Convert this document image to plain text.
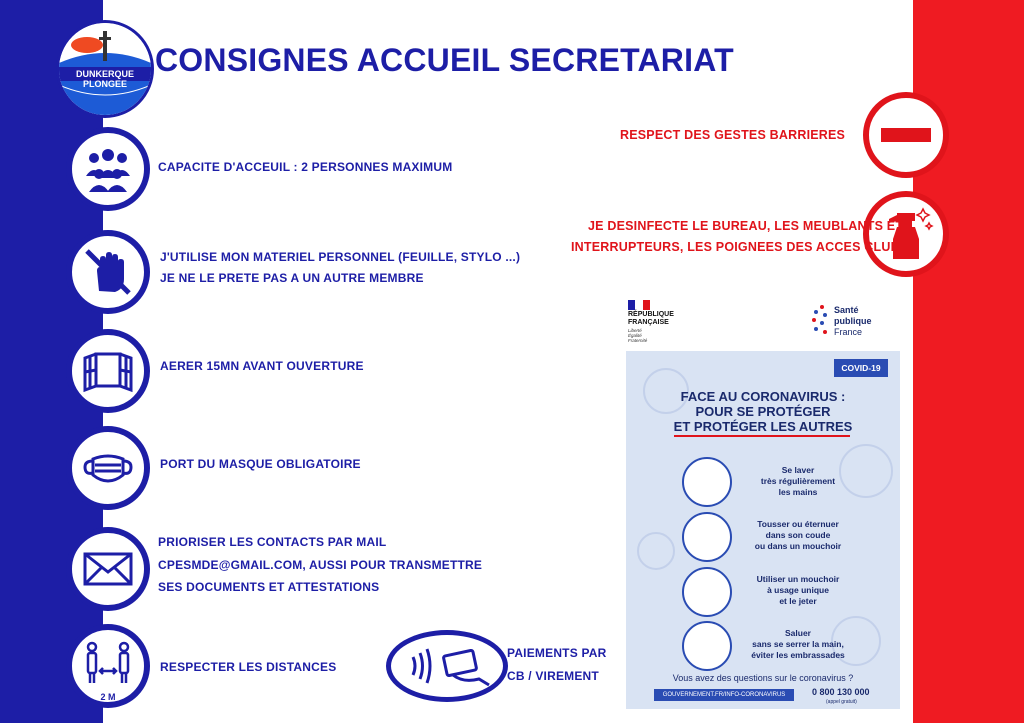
DUNKERQUE PLONGEE
CONSIGNES ACCUEIL SECRETARIAT
CAPACITE D'ACCEUIL : 2 PERSONNES MAXIMUM
J'UTILISE MON MATERIEL PERSONNEL (FEUILLE, STYLO ...)
JE NE LE PRETE PAS A UN AUTRE MEMBRE
AERER 15MN AVANT OUVERTURE
PORT DU MASQUE OBLIGATOIRE
PRIORISER LES CONTACTS PAR MAIL
CPESMDE@GMAIL.COM, AUSSI POUR TRANSMETTRE
SES DOCUMENTS ET ATTESTATIONS
2 M
RESPECTER LES DISTANCES
PAIEMENTS PAR
CB / VIREMENT
RESPECT DES GESTES BARRIERES
JE DESINFECTE LE BUREAU, LES MEUBLANTS ET
INTERRUPTEURS, LES POIGNEES DES ACCES CLUB
RÉPUBLIQUE
FRANÇAISE
Liberté
Égalité
Fraternité
Santé
publique
France
COVID-19
FACE AU CORONAVIRUS :
POUR SE PROTÉGER
ET PROTÉGER LES AUTRES
Se laver
très régulièrement
les mains
Tousser ou éternuer
dans son coude
ou dans un mouchoir
Utiliser un mouchoir
à usage unique
et le jeter
Saluer
sans se serrer la main,
éviter les embrassades
Vous avez des questions sur le coronavirus ?
GOUVERNEMENT.FR/INFO-CORONAVIRUS	0 800 130 000
(appel gratuit)
